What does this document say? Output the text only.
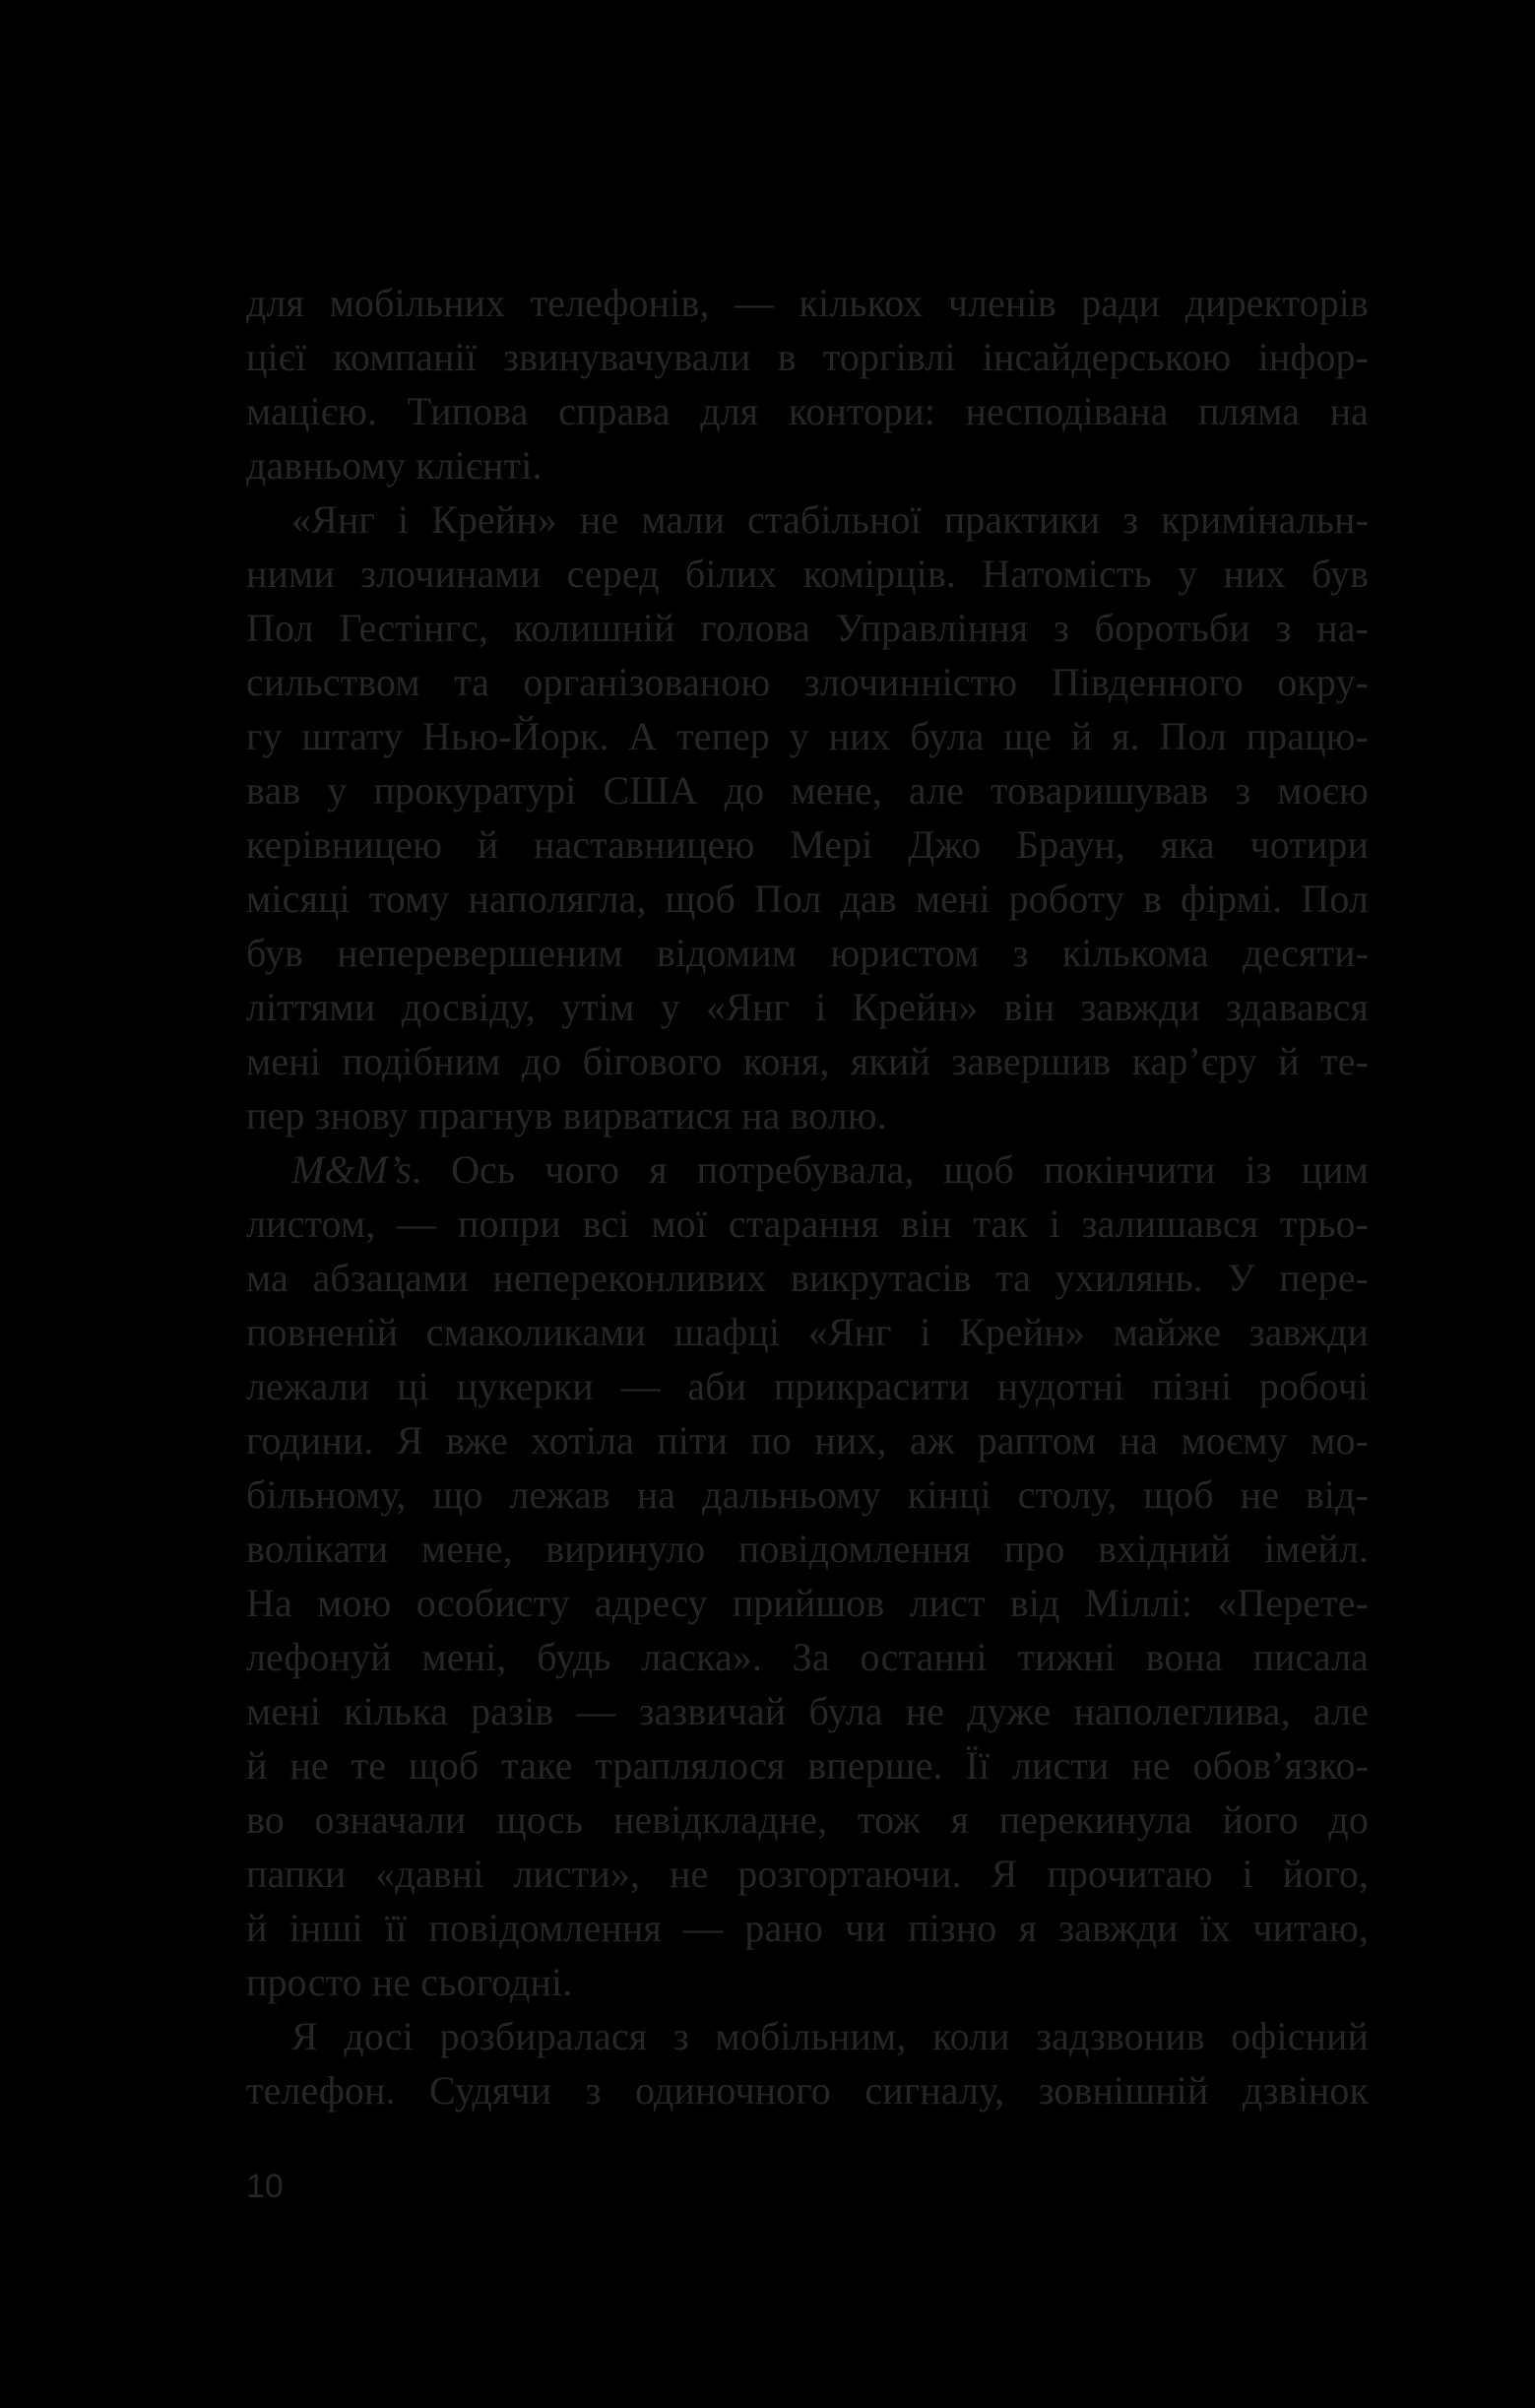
для мобільних телефонів, — кількох членів ради директорів
цієї компанії звинувачували в торгівлі інсайдерською інфор-
мацією. Типова справа для контори: несподівана пляма на
давньому клієнті.
«Янг і Крейн» не мали стабільної практики з кримінальн-
ними злочинами серед білих комірців. Натомість у них був
Пол Гестінгс, колишній голова Управління з боротьби з на-
сильством та організованою злочинністю Південного окру-
гу штату Нью-Йорк. А тепер у них була ще й я. Пол працю-
вав у прокуратурі США до мене, але товаришував з моєю
керівницею й наставницею Мері Джо Браун, яка чотири
місяці тому наполягла, щоб Пол дав мені роботу в фірмі. Пол
був неперевершеним відомим юристом з кількома десяти-
літтями досвіду, утім у «Янг і Крейн» він завжди здавався
мені подібним до бігового коня, який завершив кар’єру й те-
пер знову прагнув вирватися на волю.
M&M’s. Ось чого я потребувала, щоб покінчити із цим
листом, — попри всі мої старання він так і залишався трьо-
ма абзацами непереконливих викрутасів та ухилянь. У пере-
повненій смаколиками шафці «Янг і Крейн» майже завжди
лежали ці цукерки — аби прикрасити нудотні пізні робочі
години. Я вже хотіла піти по них, аж раптом на моєму мо-
більному, що лежав на дальньому кінці столу, щоб не від-
волікати мене, виринуло повідомлення про вхідний імейл.
На мою особисту адресу прийшов лист від Міллі: «Перете-
лефонуй мені, будь ласка». За останні тижні вона писала
мені кілька разів — зазвичай була не дуже наполеглива, але
й не те щоб таке траплялося вперше. Її листи не обов’язко-
во означали щось невідкладне, тож я перекинула його до
папки «давні листи», не розгортаючи. Я прочитаю і його,
й інші її повідомлення — рано чи пізно я завжди їх читаю,
просто не сьогодні.
Я досі розбиралася з мобільним, коли задзвонив офісний
телефон. Судячи з одиночного сигналу, зовнішній дзвінок
10
